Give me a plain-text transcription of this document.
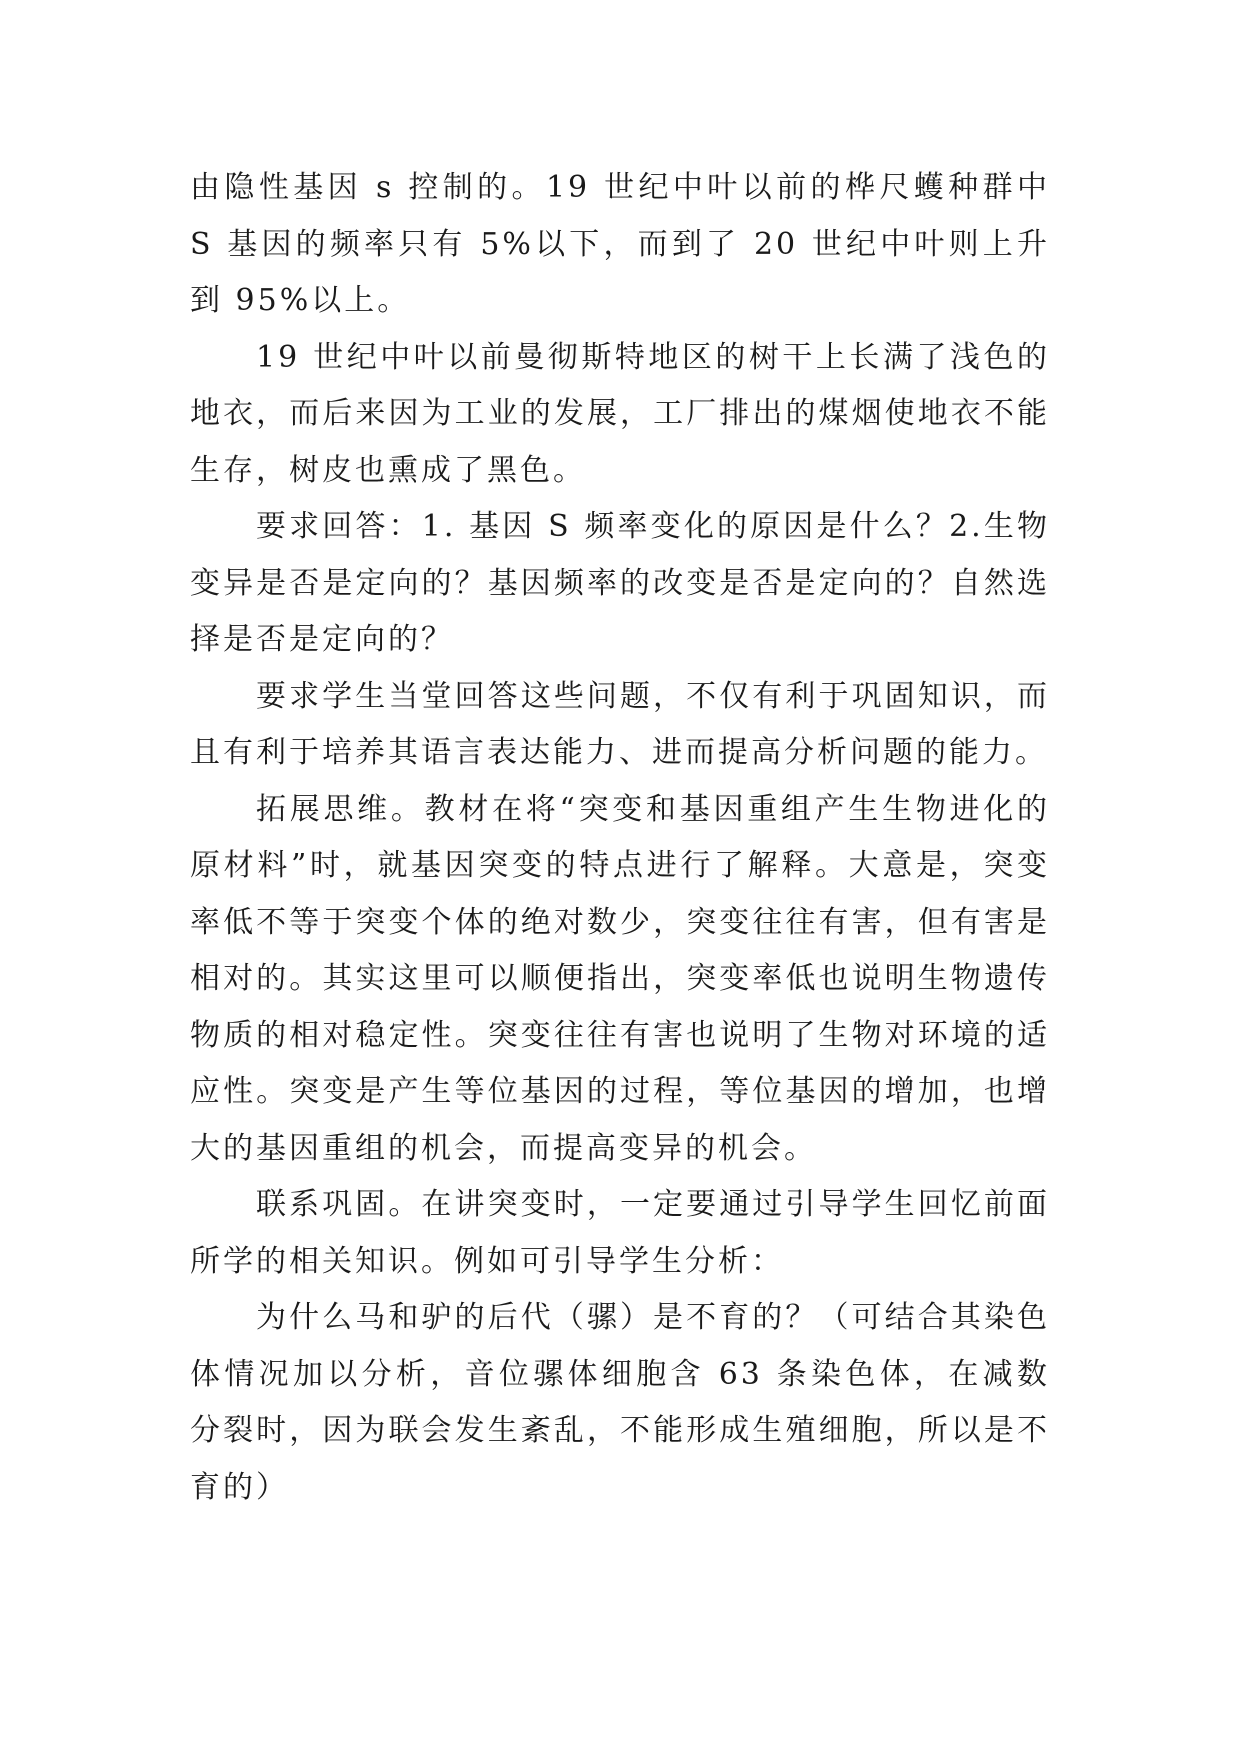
由隐性基因 s 控制的。19 世纪中叶以前的桦尺蠖种群中 S 基因的频率只有 5%以下，而到了 20 世纪中叶则上升到 95%以上。

19 世纪中叶以前曼彻斯特地区的树干上长满了浅色的地衣，而后来因为工业的发展，工厂排出的煤烟使地衣不能生存，树皮也熏成了黑色。

要求回答：1. 基因 S 频率变化的原因是什么？2.生物变异是否是定向的？基因频率的改变是否是定向的？自然选择是否是定向的？

要求学生当堂回答这些问题，不仅有利于巩固知识，而且有利于培养其语言表达能力、进而提高分析问题的能力。

拓展思维。教材在将“突变和基因重组产生生物进化的原材料”时，就基因突变的特点进行了解释。大意是，突变率低不等于突变个体的绝对数少，突变往往有害，但有害是相对的。其实这里可以顺便指出，突变率低也说明生物遗传物质的相对稳定性。突变往往有害也说明了生物对环境的适应性。突变是产生等位基因的过程，等位基因的增加，也增大的基因重组的机会，而提高变异的机会。

联系巩固。在讲突变时，一定要通过引导学生回忆前面所学的相关知识。例如可引导学生分析：

为什么马和驴的后代（骡）是不育的？（可结合其染色体情况加以分析，音位骡体细胞含 63 条染色体，在减数分裂时，因为联会发生紊乱，不能形成生殖细胞，所以是不育的）
